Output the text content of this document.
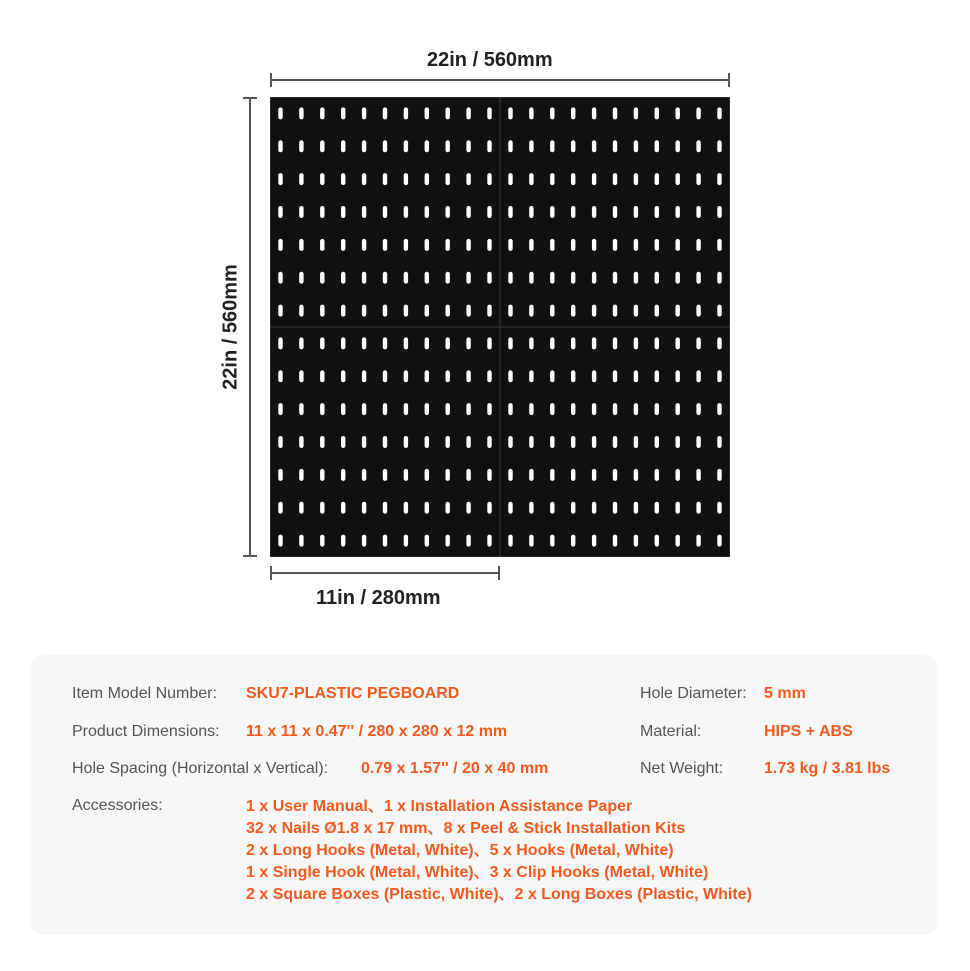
22in / 560mm
22in / 560mm
11in / 280mm
Item Model Number: SKU7-PLASTIC PEGBOARD
Product Dimensions: 11 x 11 x 0.47'' / 280 x 280 x 12 mm
Hole Spacing (Horizontal x Vertical): 0.79 x 1.57'' / 20 x 40 mm
Hole Diameter: 5 mm
Material:	HIPS + ABS
Net Weight:	1.73 kg / 3.81 lbs
Accessories:	1 x User Manual、1 x Installation Assistance Paper
32 x Nails Ø1.8 x 17 mm、8 x Peel & Stick Installation Kits
2 x Long Hooks (Metal, White)、5 x Hooks (Metal, White)
1 x Single Hook (Metal, White)、3 x Clip Hooks (Metal, White)
2 x Square Boxes (Plastic, White)、2 x Long Boxes (Plastic, White)
